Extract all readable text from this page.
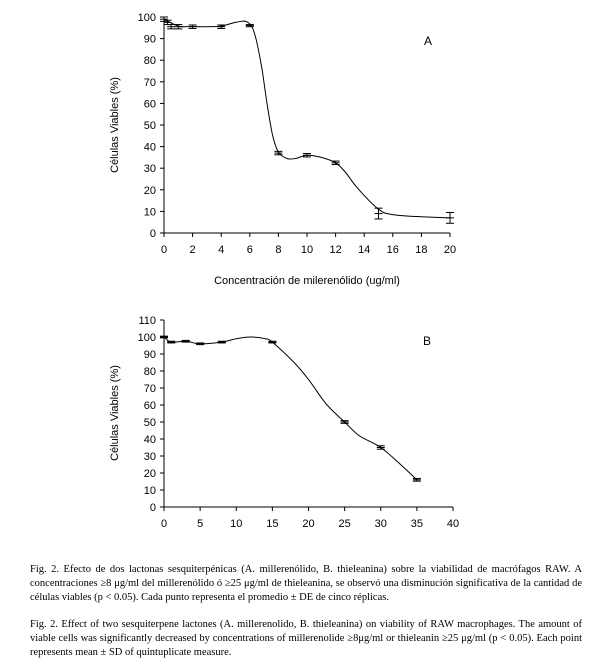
0
10
20
30
40
50
60
70
80
90
100
0 2 4 6 8 10 12 14 16 18 20
A
Concentración de milerenólido (ug/ml)
Células Viables (%)
0
10
20
30
40
50
60
70
80
90
100
110
0	5 10 15 20 25 30 35 40
B
Células Viables (%)

Fig. 2. Efecto de dos lactonas sesquiterpénicas (A. millerenólido, B. thieleanina) sobre la viabilidad de macrófagos RAW. A concentraciones ≥8 μg/ml del millerenólido ó ≥25 μg/ml de thieleanina, se observó una disminución significativa de la cantidad de células viables (p < 0.05). Cada punto representa el promedio ± DE de cinco réplicas.

Fig. 2. Effect of two sesquiterpene lactones (A. millerenolido, B. thieleanina) on viability of RAW macrophages. The amount of viable cells was significantly decreased by concentrations of millerenolide ≥8μg/ml or thieleanin ≥25 μg/ml (p < 0.05). Each point represents mean ± SD of quintuplicate measure.
